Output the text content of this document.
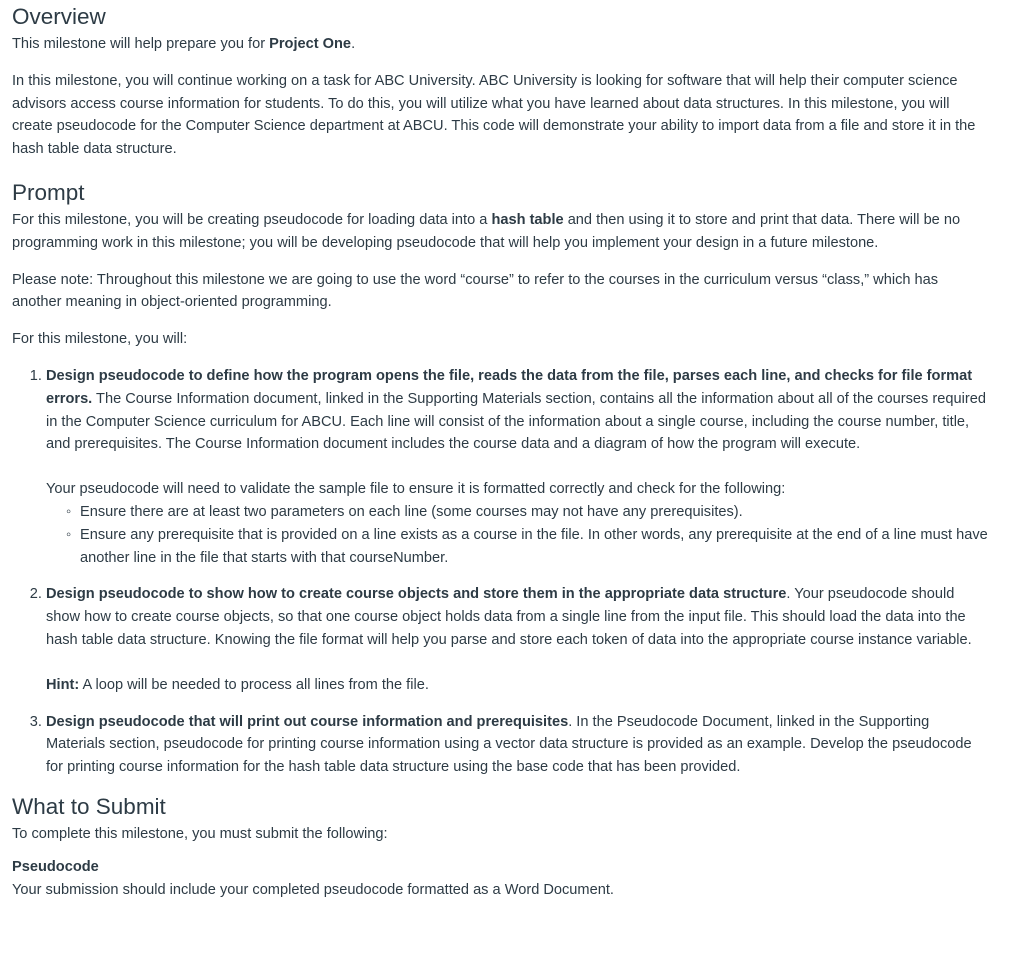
Overview

This milestone will help prepare you for Project One.

In this milestone, you will continue working on a task for ABC University. ABC University is looking for software that will help their computer science advisors access course information for students. To do this, you will utilize what you have learned about data structures. In this milestone, you will create pseudocode for the Computer Science department at ABCU. This code will demonstrate your ability to import data from a file and store it in the hash table data structure.

Prompt

For this milestone, you will be creating pseudocode for loading data into a hash table and then using it to store and print that data. There will be no programming work in this milestone; you will be developing pseudocode that will help you implement your design in a future milestone.

Please note: Throughout this milestone we are going to use the word “course” to refer to the courses in the curriculum versus “class,” which has another meaning in object-oriented programming.

For this milestone, you will:

1. Design pseudocode to define how the program opens the file, reads the data from the file, parses each line, and checks for file format errors. The Course Information document, linked in the Supporting Materials section, contains all the information about all of the courses required in the Computer Science curriculum for ABCU. Each line will consist of the information about a single course, including the course number, title, and prerequisites. The Course Information document includes the course data and a diagram of how the program will execute.
Your pseudocode will need to validate the sample file to ensure it is formatted correctly and check for the following:
◦ Ensure there are at least two parameters on each line (some courses may not have any prerequisites).
◦ Ensure any prerequisite that is provided on a line exists as a course in the file. In other words, any prerequisite at the end of a line must have another line in the file that starts with that courseNumber.
2. Design pseudocode to show how to create course objects and store them in the appropriate data structure. Your pseudocode should show how to create course objects, so that one course object holds data from a single line from the input file. This should load the data into the hash table data structure. Knowing the file format will help you parse and store each token of data into the appropriate course instance variable.
Hint: A loop will be needed to process all lines from the file.
3. Design pseudocode that will print out course information and prerequisites. In the Pseudocode Document, linked in the Supporting Materials section, pseudocode for printing course information using a vector data structure is provided as an example. Develop the pseudocode for printing course information for the hash table data structure using the base code that has been provided.
What to Submit

To complete this milestone, you must submit the following:

Pseudocode

Your submission should include your completed pseudocode formatted as a Word Document.
